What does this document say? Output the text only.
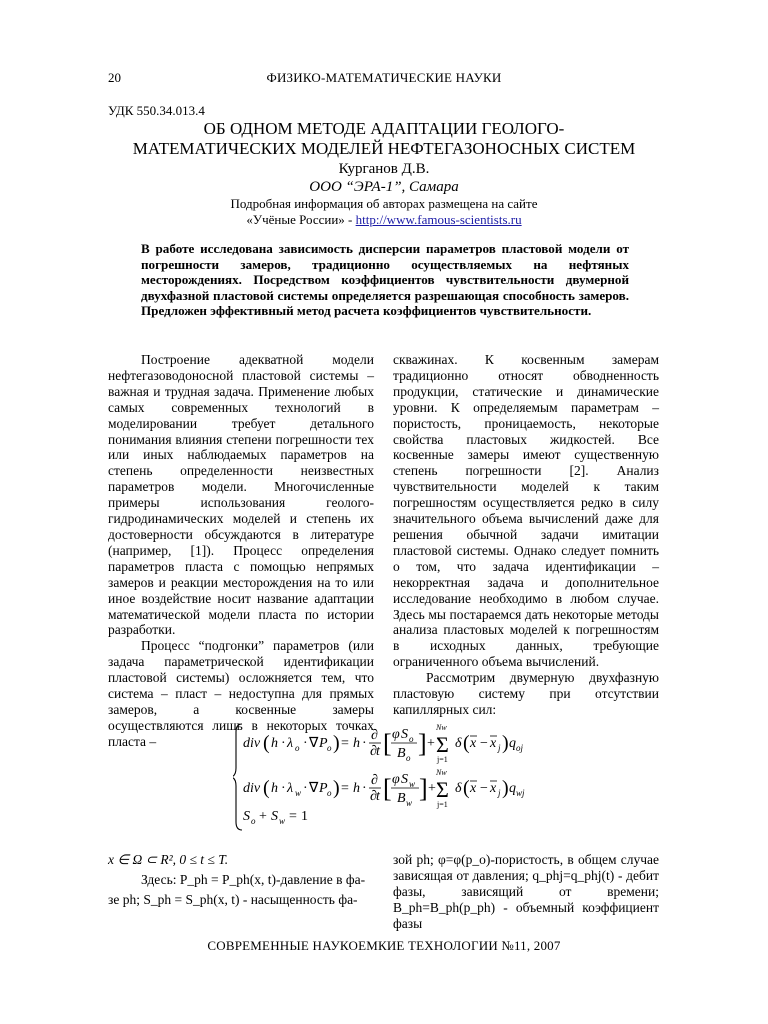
20	ФИЗИКО-МАТЕМАТИЧЕСКИЕ НАУКИ
УДК 550.34.013.4
ОБ ОДНОМ МЕТОДЕ АДАПТАЦИИ ГЕОЛОГО-
МАТЕМАТИЧЕСКИХ МОДЕЛЕЙ НЕФТЕГАЗОНОСНЫХ СИСТЕМ
Курганов Д.В.
ООО “ЭРА-1”, Самара
Подробная информация об авторах размещена на сайте
«Учёные России» - http://www.famous-scientists.ru
В работе исследована зависимость дисперсии параметров пластовой модели от погрешности замеров, традиционно осуществляемых на нефтяных месторождениях. Посредством коэффициентов чувствительности двумерной двухфазной пластовой системы определяется разрешающая способность замеров. Предложен эффективный метод расчета коэффициентов чувствительности.

Построение адекватной модели нефтегазоводоносной пластовой системы – важная и трудная задача. Применение любых самых современных технологий в моделировании требует детального понимания влияния степени погрешности тех или иных наблюдаемых параметров на степень определенности неизвестных параметров модели. Многочисленные примеры использования геолого-гидродинамических моделей и степень их достоверности обсуждаются в литературе (например, [1]). Процесс определения параметров пласта с помощью непрямых замеров и реакции месторождения на то или иное воздействие носит название адаптации математической модели пласта по истории разработки.

Процесс “подгонки” параметров (или задача параметрической идентификации пластовой системы) осложняется тем, что система – пласт – недоступна для прямых замеров, а косвенные замеры осуществляются лишь в некоторых точках пласта –

скважинах. К косвенным замерам традиционно относят обводненность продукции, статические и динамические уровни. К определяемым параметрам – пористость, проницаемость, некоторые свойства пластовых жидкостей. Все косвенные замеры имеют существенную степень погрешности [2]. Анализ чувствительности моделей к таким погрешностям осуществляется редко в силу значительного объема вычислений даже для решения обычной задачи имитации пластовой системы. Однако следует помнить о том, что задача идентификации – некорректная задача и дополнительное исследование необходимо в любом случае. Здесь мы постараемся дать некоторые методы анализа пластовых моделей к погрешностям в исходных данных, требующие ограниченного объема вычислений.

Рассмотрим двумерную двухфазную пластовую систему при отсутствии капиллярных сил:

div ( h · λ o · ∇ P o ) = h ·
∂
∂ t [ φ S o
B o ] +
Nw
Σ
j=1
δ ( x − x j ) q oj
div ( h · λ w · ∇ P o ) = h ·
∂
∂ t [ φ S w
B w ] +
Nw
Σ
j=1
δ ( x − x j ) q wj
S o + S w = 1
x ∈ Ω ⊂ R², 0 ≤ t ≤ T.
Здесь: P_ph = P_ph(x, t)-давление в фа-
зе ph; S_ph = S_ph(x, t) - насыщенность фа-
зой ph; φ=φ(p_o)-пористость, в общем случае зависящая от давления; q_phj=q_phj(t) - дебит фазы, зависящий от времени; B_ph=B_ph(p_ph) - объемный коэффициент фазы
СОВРЕМЕННЫЕ НАУКОЕМКИЕ ТЕХНОЛОГИИ №11, 2007
